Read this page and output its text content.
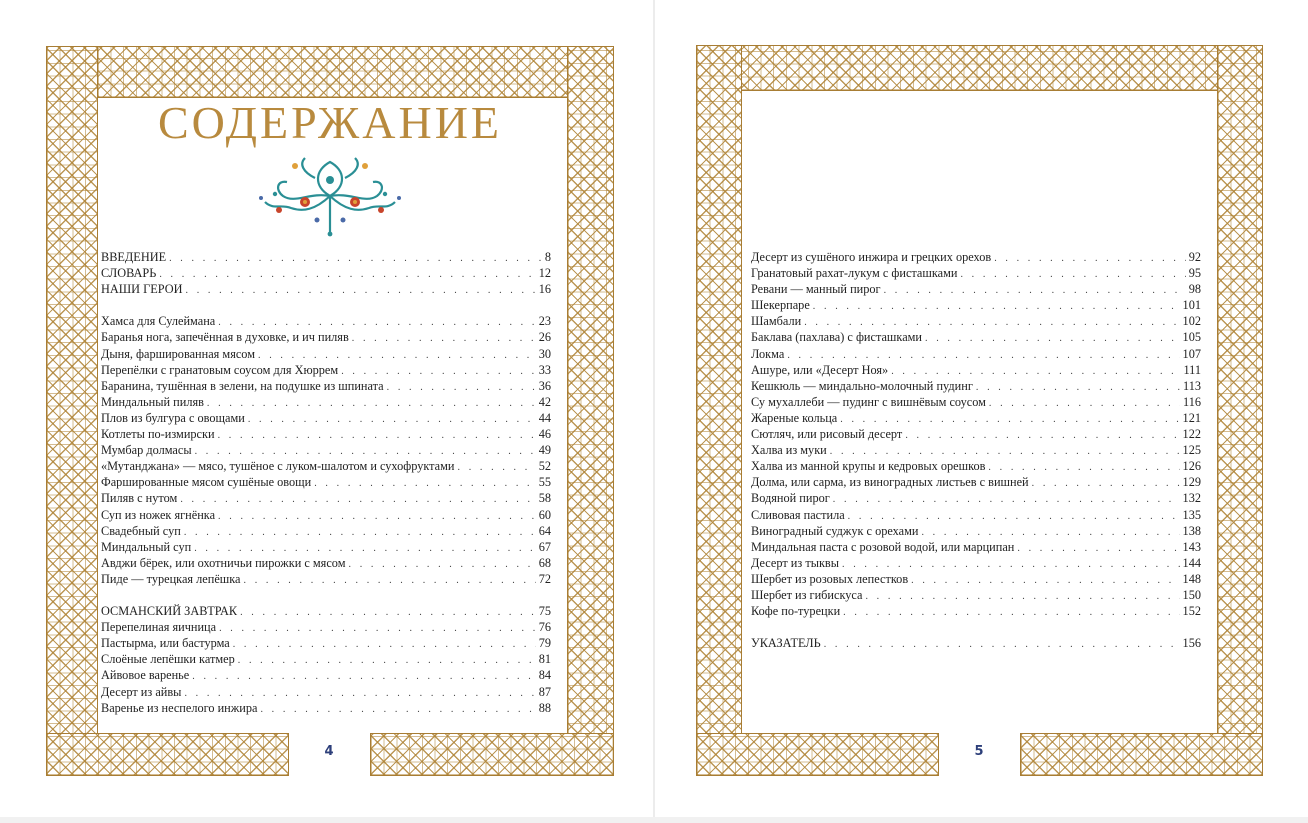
СОДЕРЖАНИЕ
ВВЕДЕНИЕ . . .	8
СЛОВАРЬ . . .	12
НАШИ ГЕРОИ . . .	16
Хамса для Сулеймана . . .	23
Баранья нога, запечённая в духовке, и ич пиляв . . .	26
Дыня, фаршированная мясом . . .	30
Перепёлки с гранатовым соусом для Хюррем . . .	33
Баранина, тушённая в зелени, на подушке из шпината . . .	36
Миндальный пиляв . . .	42
Плов из булгура с овощами . . .	44
Котлеты по-измирски . . .	46
Мумбар долмасы . . .	49
«Мутанджана» — мясо, тушёное с луком-шалотом и сухофруктами . . .	52
Фаршированные мясом сушёные овощи . . .	55
Пиляв с нутом . . .	58
Суп из ножек ягнёнка . . .	60
Свадебный суп . . .	64
Миндальный суп . . .	67
Авджи бёрек, или охотничьи пирожки с мясом . . .	68
Пиде — турецкая лепёшка . . .	72
ОСМАНСКИЙ ЗАВТРАК . . .	75
Перепелиная яичница . . .	76
Пастырма, или бастурма . . .	79
Слоёные лепёшки катмер . . .	81
Айвовое варенье . . .	84
Десерт из айвы . . .	87
Варенье из неспелого инжира . . .	88
4
Десерт из сушёного инжира и грецких орехов . . .	92
Гранатовый рахат-лукум с фисташками . . .	95
Ревани — манный пирог . . .	98
Шекерпаре . . .	101
Шамбали . . .	102
Баклава (пахлава) с фисташками . . .	105
Локма . . .	107
Ашуре, или «Десерт Ноя» . . .	111
Кешкюль — миндально-молочный пудинг . . .	113
Су мухаллеби — пудинг с вишнёвым соусом . . .	116
Жареные кольца . . .	121
Сютляч, или рисовый десерт . . .	122
Халва из муки . . .	125
Халва из манной крупы и кедровых орешков . . .	126
Долма, или сарма, из виноградных листьев с вишней . . .	129
Водяной пирог . . .	132
Сливовая пастила . . .	135
Виноградный суджук с орехами . . .	138
Миндальная паста с розовой водой, или марципан . . .	143
Десерт из тыквы . . .	144
Шербет из розовых лепестков . . .	148
Шербет из гибискуса . . .	150
Кофе по-турецки . . .	152
УКАЗАТЕЛЬ . . .	156
5
